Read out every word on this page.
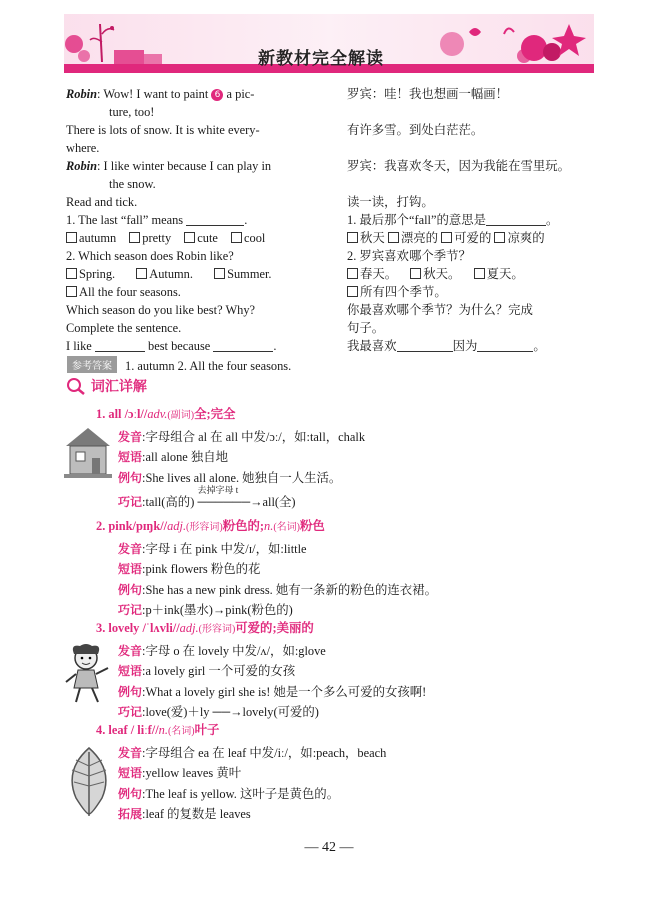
新教材完全解读
Robin: Wow! I want to paint 6 a pic-
ture, too!
There is lots of snow. It is white every-
where.
Robin: I like winter because I can play in
the snow.
Read and tick.
1. The last “fall” means	.
autumn pretty cute cool
2. Which season does Robin like?
Spring.	Autumn.	Summer.
All the four seasons.
Which season do you like best? Why?
Complete the sentence.
I like	best because	.
罗宾：哇！我也想画一幅画！
有许多雪。到处白茫茫。
罗宾：我喜欢冬天，因为我能在雪里玩。
读一读，打钩。
1. 最后那个“fall”的意思是	。
秋天 漂亮的 可爱的 凉爽的
2. 罗宾喜欢哪个季节？
春天。 秋天。 夏天。
所有四个季节。
你最喜欢哪个季节？为什么？完成
句子。
我最喜欢	因为	。
参考答案 1. autumn 2. All the four seasons.
词汇详解
1. all /ɔːl//adv.(副词)全;完全
发音:字母组合 al 在 all 中发/ɔː/，如:tall，chalk
短语:all alone 独自地
例句:She lives all alone. 她独自一人生活。
巧记:tall(高的)
去掉字母 t
──────→all(全)
2. pink/pɪŋk//adj.(形容词)粉色的;n.(名词)粉色
发音:字母 i 在 pink 中发/ɪ/，如:little
短语:pink flowers 粉色的花
例句:She has a new pink dress. 她有一条新的粉色的连衣裙。
巧记:p＋ink(墨水)→pink(粉色的)
3. lovely /ˈlʌvli//adj.(形容词)可爱的;美丽的
发音:字母 o 在 lovely 中发/ʌ/，如:glove
短语:a lovely girl 一个可爱的女孩
例句:What a lovely girl she is! 她是一个多么可爱的女孩啊!
巧记:love(爱)＋ly ──→lovely(可爱的)
4. leaf / liːf//n.(名词)叶子
发音:字母组合 ea 在 leaf 中发/iː/，如:peach，beach
短语:yellow leaves 黄叶
例句:The leaf is yellow. 这叶子是黄色的。
拓展:leaf 的复数是 leaves
— 42 —
